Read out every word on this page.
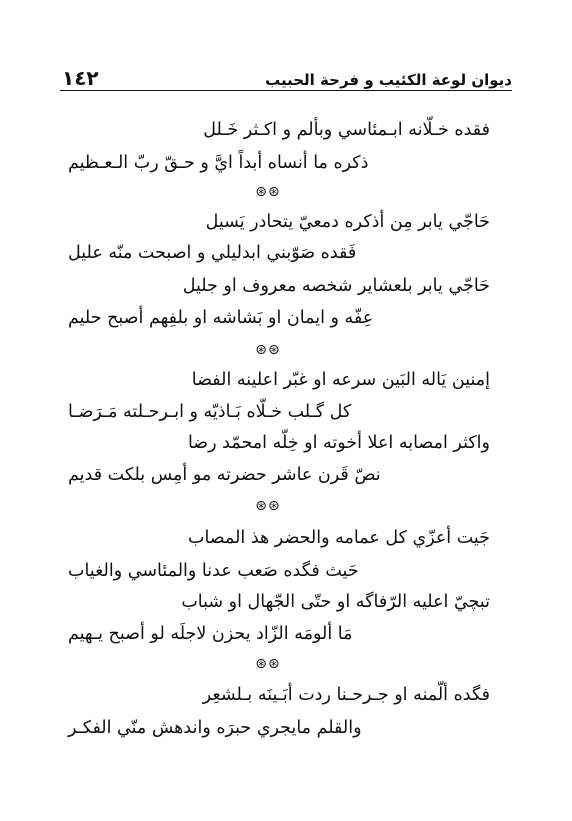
١٤٢	ديوان لوعة الكئيب و فرحة الحبيب
فقده خـلّانه ابـمئاسي وبألم و اكـثر خَـلل
ذكره ما أنساه أبداً ايَّ و حـقّ ربّ الـعـظيم
⊛⊛
حَاجّي يابر مِن أذكره دمعيّ يتحادر يَسيل
فَقده صَوّبني ابدليلي و اصبحت منّه عليل
حَاجّي يابر بلعشاير شخصه معروف او جليل
عِفّه و ايمان او بَشاشه او بلفِهم أصبح حليم
⊛⊛
إمنين يَاله البَين سرعه او غبّر اعلينه الفضا
كل گـلب خـلّاه بَـاذيّه و ابـرحـلته مَـرَضـا
واكثر امصابه اعلا أخوته او خِلّه امحمّد رضا
نصّ قَرن عاشر حضرته مو أمِس بلكت قديم
⊛⊛
جَيت أعزّي كل عمامه والحضر هذ المصاب
حَيث فگده صَعب عدنا والمئاسي والغياب
تبچيّ اعليه الرّفاگه او حتّى الجّهال او شباب
مَا ألومَه الزّاد يحزن لاجلَه لو أصبح يـهيم
⊛⊛
فگده ألّمنه او جـرحـنا ردت أبَـينَه بـلشعِر
والقلم مايجري حبرَه واندهش منّي الفكـر
